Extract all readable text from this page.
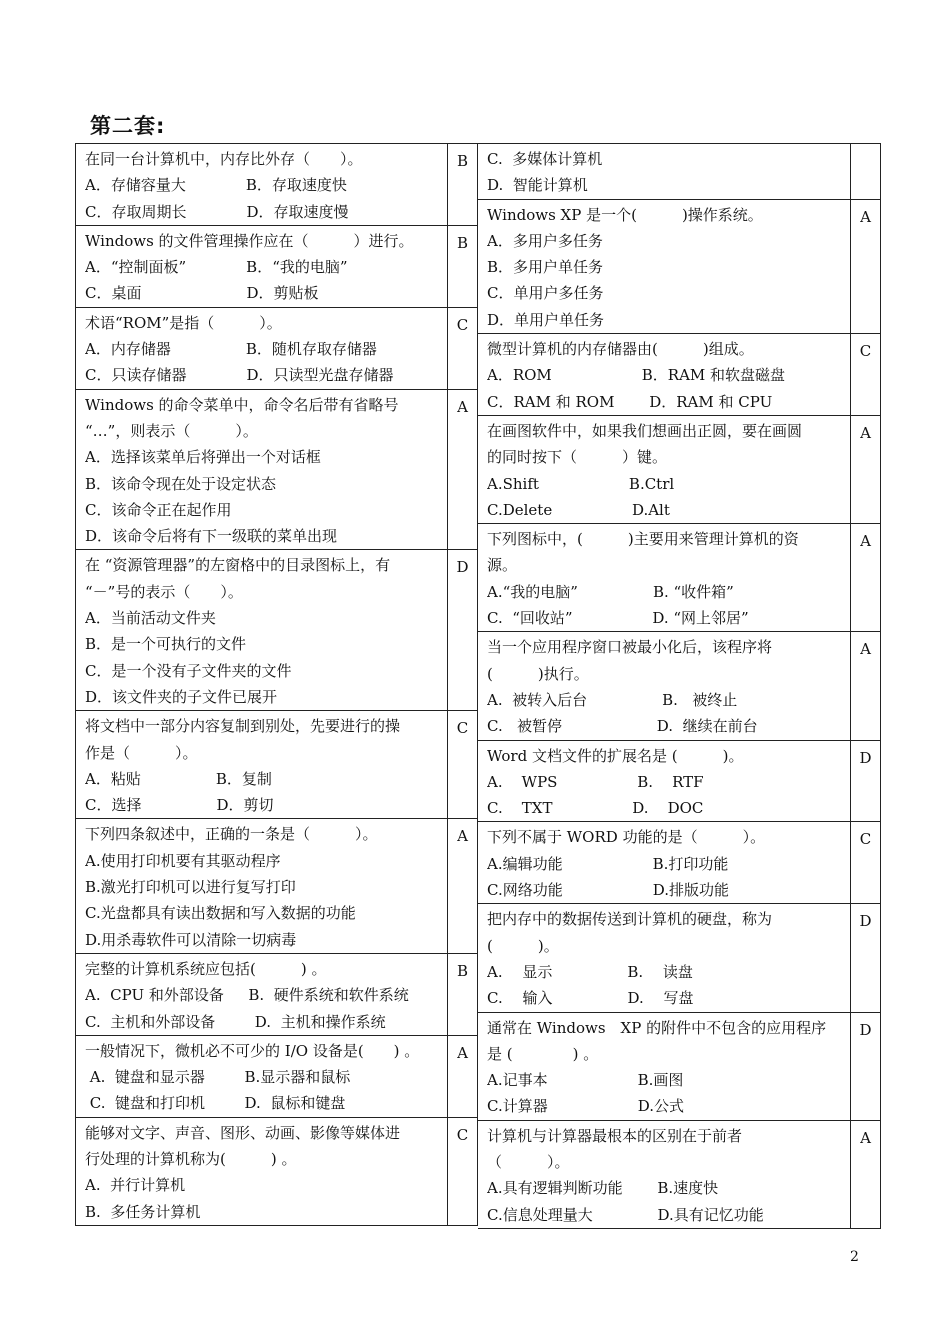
第二套:
在同一台计算机中，内存比外存（　　）。
A．存储容量大　　　　B．存取速度快
C．存取周期长　　　　D．存取速度慢
B
Windows 的文件管理操作应在（　　　）进行。
A．“控制面板”　　　　B．“我的电脑”
C．桌面　　　　　　　D．剪贴板
B
术语“ROM”是指（　　　）。
A．内存储器　　　　　B．随机存取存储器
C．只读存储器　　　　D．只读型光盘存储器
C
Windows 的命令菜单中，命令名后带有省略号
“…”，则表示（　　　）。
A．选择该菜单后将弹出一个对话框
B．该命令现在处于设定状态
C．该命令正在起作用
D．该命令后将有下一级联的菜单出现
A
在 “资源管理器”的左窗格中的目录图标上，有
“－”号的表示（　　）。
A．当前活动文件夹
B．是一个可执行的文件
C．是一个没有子文件夹的文件
D．该文件夹的子文件已展开
D
将文档中一部分内容复制到别处，先要进行的操
作是（　　　）。
A．粘贴　　　　　B．复制
C．选择　　　　　D．剪切
C
下列四条叙述中，正确的一条是（　　　）。
A.使用打印机要有其驱动程序
B.激光打印机可以进行复写打印
C.光盘都具有读出数据和写入数据的功能
D.用杀毒软件可以清除一切病毒
A
完整的计算机系统应包括(　　　) 。
A.  CPU 和外部设备　  B.  硬件系统和软件系统
C.  主机和外部设备　　  D.  主机和操作系统
B
一般情况下，微机必不可少的 I/O 设备是(　　) 。
A.  键盘和显示器　　  B.显示器和鼠标
C.  键盘和打印机　　  D.  鼠标和键盘
A
能够对文字、声音、图形、动画、影像等媒体进
行处理的计算机称为(　　　) 。
A.  并行计算机
B.  多任务计算机
C
C.  多媒体计算机
D.  智能计算机
Windows XP 是一个(　　　)操作系统。
A．多用户多任务
B．多用户单任务
C．单用户多任务
D．单用户单任务
A
微型计算机的内存储器由(　　　)组成。
A．ROM　　　　　　B．RAM 和软盘磁盘
C．RAM 和 ROM　　 D．RAM 和 CPU
C
在画图软件中，如果我们想画出正圆，要在画圆
的同时按下（　　　）键。
A.Shift　　　　　　B.Ctrl
C.Delete　　　　　 D.Alt
A
下列图标中，(　　　)主要用来管理计算机的资
源。
A.“我的电脑”　　　　　B. “收件箱”
C.  “回收站”　　　　　 D. “网上邻居”
A
当一个应用程序窗口被最小化后，该程序将
(　　　)执行。
A.  被转入后台　　　　　B.   被终止
C.   被暂停　　　　　　 D.  继续在前台
A
Word 文档文件的扩展名是 (　　　)。
A.    WPS　　　　　 B.    RTF
C.    TXT　　　　　 D.    DOC
D
下列不属于 WORD 功能的是（　　　）。
A.编辑功能　　　　　　B.打印功能
C.网络功能　　　　　　D.排版功能
C
把内存中的数据传送到计算机的硬盘，称为
(　　　)。
A.　 显示　　　　　B.　 读盘
C.　 输入　　　　　D.　 写盘
D
通常在 Windows　XP 的附件中不包含的应用程序
是 (　　　　) 。
A.记事本　　　　　　B.画图
C.计算器　　　　　　D.公式
D
计算机与计算器最根本的区别在于前者
（　　　）。
A.具有逻辑判断功能　　 B.速度快
C.信息处理量大　　　　 D.具有记忆功能
A
2
